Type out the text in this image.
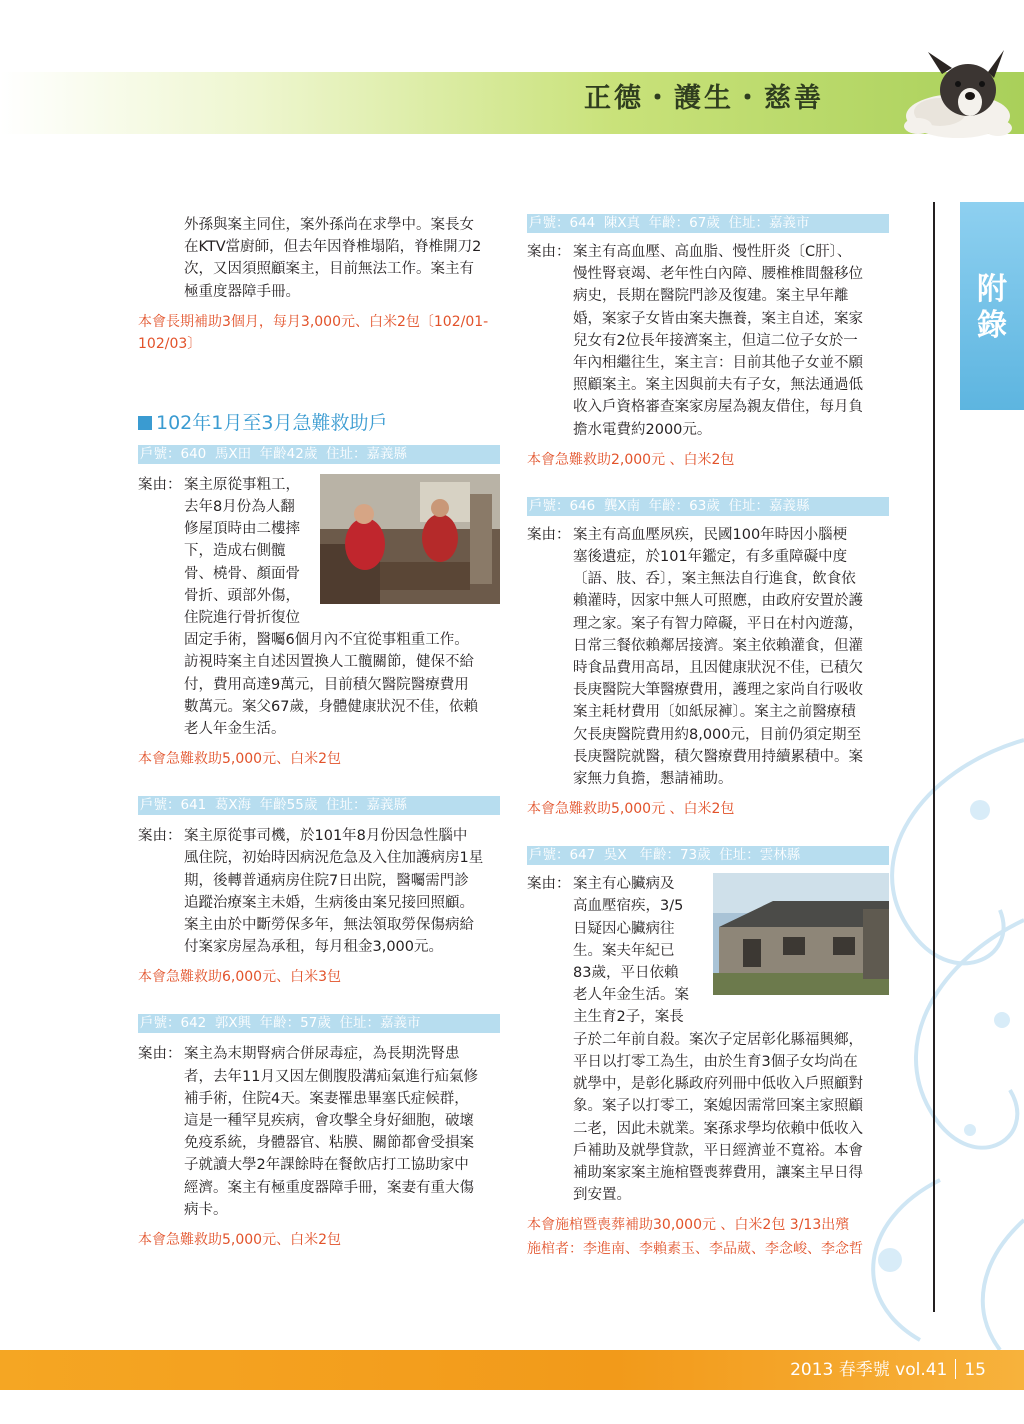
正德・護生・慈善
附錄

外孫與案主同住，案外孫尚在求學中。案長女

在KTV當廚師，但去年因脊椎塌陷，脊椎開刀2

次，又因須照顧案主，目前無法工作。案主有

極重度器障手冊。

本會長期補助3個月，每月3,000元、白米2包〔102/01-102/03〕

102年1月至3月急難救助戶
戶號：640  馬X田  年齡42歲  住址：嘉義縣
案由： 案主原從事粗工，

去年8月份為人翻

修屋頂時由二樓摔

下，造成右側髖

骨、橈骨、顏面骨

骨折、頭部外傷，

住院進行骨折復位

固定手術，醫囑6個月內不宜從事粗重工作。

訪視時案主自述因置換人工髖關節，健保不給

付，費用高達9萬元，目前積欠醫院醫療費用

數萬元。案父67歲，身體健康狀況不佳，依賴

老人年金生活。

本會急難救助5,000元、白米2包

戶號：641  葛X海  年齡55歲  住址：嘉義縣
案由： 案主原從事司機，於101年8月份因急性腦中

風住院，初始時因病況危急及入住加護病房1星

期，後轉普通病房住院7日出院，醫囑需門診

追蹤治療案主未婚，生病後由案兄接回照顧。

案主由於中斷勞保多年，無法領取勞保傷病給

付案家房屋為承租，每月租金3,000元。

本會急難救助6,000元、白米3包

戶號：642  郭X興  年齡：57歲  住址：嘉義市
案由： 案主為末期腎病合併尿毒症，為長期洗腎患

者，去年11月又因左側腹股溝疝氣進行疝氣修

補手術，住院4天。案妻罹患畢塞氏症候群，

這是一種罕見疾病，會攻擊全身好細胞，破壞

免疫系統，身體器官、粘膜、關節都會受損案

子就讀大學2年課餘時在餐飲店打工協助家中

經濟。案主有極重度器障手冊，案妻有重大傷

病卡。

本會急難救助5,000元、白米2包

戶號：644  陳X真  年齡：67歲  住址：嘉義市
案由： 案主有高血壓、高血脂、慢性肝炎〔C肝〕、

慢性腎衰竭、老年性白內障、腰椎椎間盤移位

病史，長期在醫院門診及復建。案主早年離

婚，案家子女皆由案夫撫養，案主自述，案家

兒女有2位長年接濟案主，但這二位子女於一

年內相繼往生，案主言：目前其他子女並不願

照顧案主。案主因與前夫有子女，無法通過低

收入戶資格審查案家房屋為親友借住，每月負

擔水電費約2000元。

本會急難救助2,000元 、白米2包

戶號：646  龔X南  年齡：63歲  住址：嘉義縣
案由： 案主有高血壓夙疾，民國100年時因小腦梗

塞後遺症，於101年鑑定，有多重障礙中度

〔語、肢、呑〕，案主無法自行進食，飲食依

賴灌時，因家中無人可照應，由政府安置於護

理之家。案子有智力障礙，平日在村內遊蕩，

日常三餐依賴鄰居接濟。案主依賴灌食，但灌

時食品費用高昂，且因健康狀況不佳，已積欠

長庚醫院大筆醫療費用，護理之家尚自行吸收

案主耗材費用〔如紙尿褲〕。案主之前醫療積

欠長庚醫院費用約8,000元，目前仍須定期至

長庚醫院就醫，積欠醫療費用持續累積中。案

家無力負擔，懇請補助。

本會急難救助5,000元 、白米2包

戶號：647  吳X   年齡：73歲  住址：雲林縣
案由： 案主有心臟病及

高血壓宿疾，3/5

日疑因心臟病往

生。案夫年紀已

83歲，平日依賴

老人年金生活。案

主生育2子，案長

子於二年前自殺。案次子定居彰化縣福興鄉，

平日以打零工為生，由於生育3個子女均尚在

就學中，是彰化縣政府列冊中低收入戶照顧對

象。案子以打零工，案媳因需常回案主家照顧

二老，因此未就業。案孫求學均依賴中低收入

戶補助及就學貸款，平日經濟並不寬裕。本會

補助案家案主施棺暨喪葬費用，讓案主早日得

到安置。

本會施棺暨喪葬補助30,000元 、白米2包 3/13出殯

施棺者：李進南、李賴素玉、李品葳、李念峻、李念哲

2013 春季號 vol.41 15
